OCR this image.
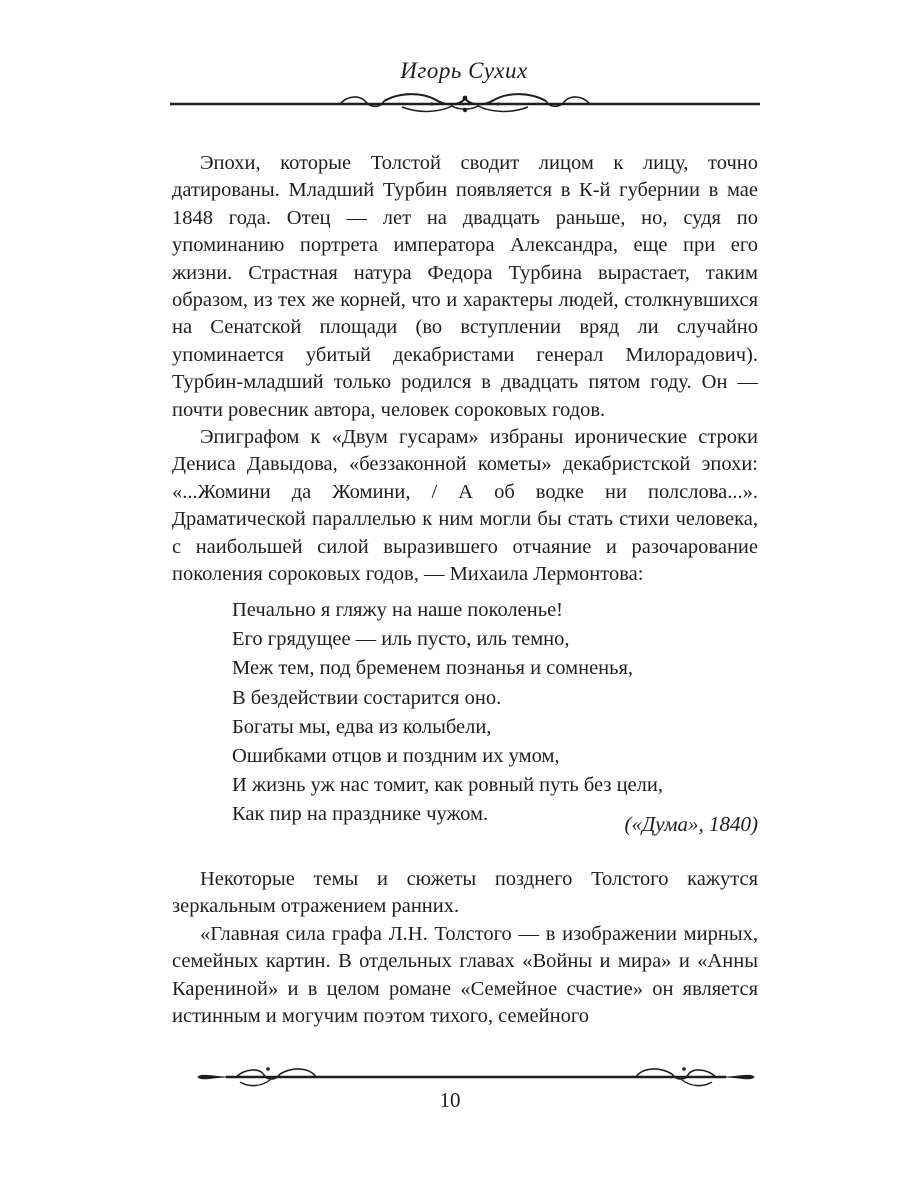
Игорь Сухих

Эпохи, которые Толстой сводит лицом к лицу, точно датированы. Младший Турбин появляется в К-й губернии в мае 1848 года. Отец — лет на двадцать раньше, но, судя по упоминанию портрета императора Александра, еще при его жизни. Страстная натура Федора Турбина вырастает, таким образом, из тех же корней, что и характеры людей, столкнувшихся на Сенатской площади (во вступлении вряд ли случайно упоминается убитый декабристами генерал Милорадович). Турбин-младший только родился в двадцать пятом году. Он — почти ровесник автора, человек сороковых годов.

Эпиграфом к «Двум гусарам» избраны иронические строки Дениса Давыдова, «беззаконной кометы» декабристской эпохи: «...Жомини да Жомини, / А об водке ни полслова...». Драматической параллелью к ним могли бы стать стихи человека, с наибольшей силой выразившего отчаяние и разочарование поколения сороковых годов, — Михаила Лермонтова:

Печально я гляжу на наше поколенье!
Его грядущее — иль пусто, иль темно,
Меж тем, под бременем познанья и сомненья,
В бездействии состарится оно.
Богаты мы, едва из колыбели,
Ошибками отцов и поздним их умом,
И жизнь уж нас томит, как ровный путь без цели,
Как пир на празднике чужом.	(«Дума», 1840)

Некоторые темы и сюжеты позднего Толстого кажутся зеркальным отражением ранних.

«Главная сила графа Л.Н. Толстого — в изображении мирных, семейных картин. В отдельных главах «Войны и мира» и «Анны Карениной» и в целом романе «Семейное счастие» он является истинным и могучим поэтом тихого, семейного

10
